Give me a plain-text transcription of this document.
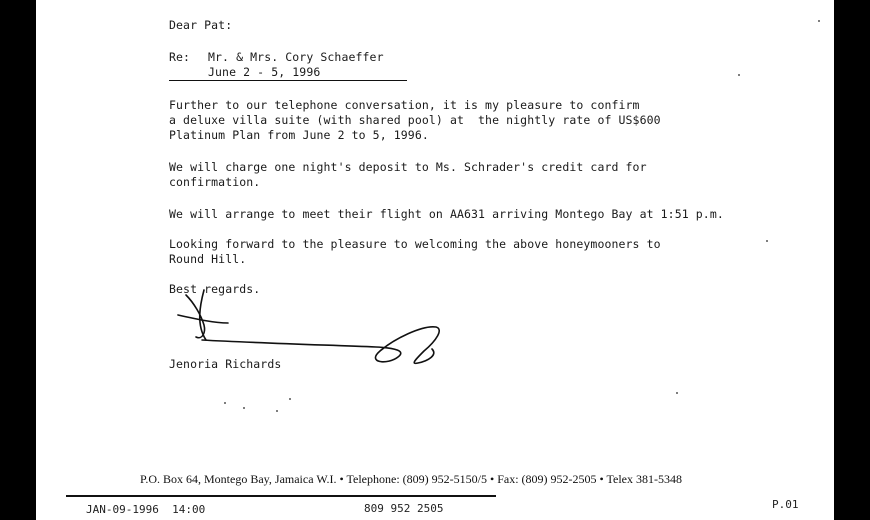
Dear Pat:
Re: Mr. & Mrs. Cory Schaeffer
June 2 - 5, 1996
Further to our telephone conversation, it is my pleasure to confirm
a deluxe villa suite (with shared pool) at  the nightly rate of US$600
Platinum Plan from June 2 to 5, 1996.
We will charge one night's deposit to Ms. Schrader's credit card for
confirmation.
We will arrange to meet their flight on AA631 arriving Montego Bay at 1:51 p.m.
Looking forward to the pleasure to welcoming the above honeymooners to
Round Hill.
Best regards.
Jenoria Richards
P.O. Box 64, Montego Bay, Jamaica W.I. • Telephone: (809) 952-5150/5 • Fax: (809) 952-2505 • Telex 381-5348
JAN-09-1996  14:00	809 952 2505	P.01
